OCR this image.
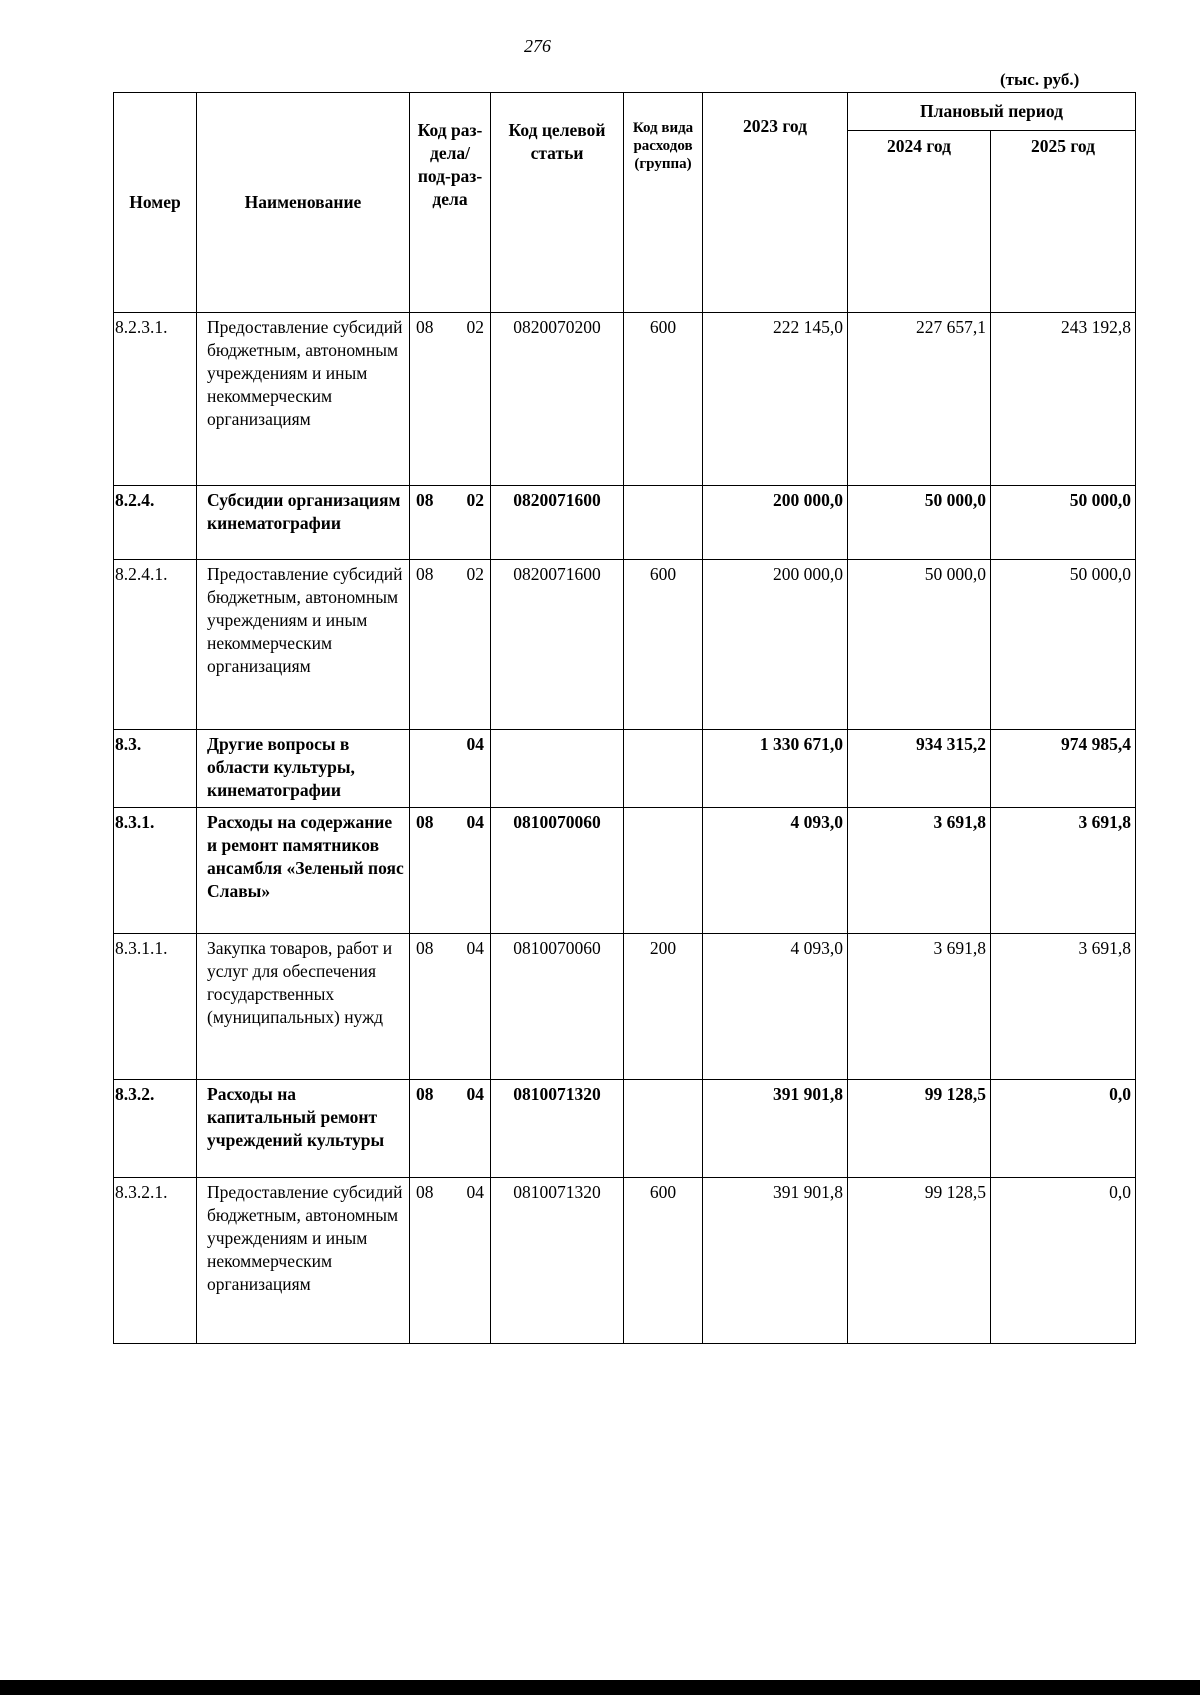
276
(тыс. руб.)
Номер	Наименование	Код раз-дела/ под-раз-дела	Код целевой статьи	Код вида расходов (группа)	2023 год	Плановый период	
						2024 год	2025 год
8.2.3.1.	Предоставление субсидий бюджетным, автономным учреждениям и иным некоммерческим организациям	08 02	0820070200	600	222 145,0	227 657,1	243 192,8
8.2.4.	Субсидии организациям кинематографии	08 02	0820071600		200 000,0	50 000,0	50 000,0
8.2.4.1.	Предоставление субсидий бюджетным, автономным учреждениям и иным некоммерческим организациям	08 02	0820071600	600	200 000,0	50 000,0	50 000,0
8.3.	Другие вопросы в области культуры, кинематографии	04			1 330 671,0	934 315,2	974 985,4
8.3.1.	Расходы на содержание и ремонт памятников ансамбля «Зеленый пояс Славы»	08 04	0810070060		4 093,0	3 691,8	3 691,8
8.3.1.1.	Закупка товаров, работ и услуг для обеспечения государственных (муниципальных) нужд	08 04	0810070060	200	4 093,0	3 691,8	3 691,8
8.3.2.	Расходы на капитальный ремонт учреждений культуры	08 04	0810071320		391 901,8	99 128,5	0,0
8.3.2.1.	Предоставление субсидий бюджетным, автономным учреждениям и иным некоммерческим организациям	08 04	0810071320	600	391 901,8	99 128,5	0,0
